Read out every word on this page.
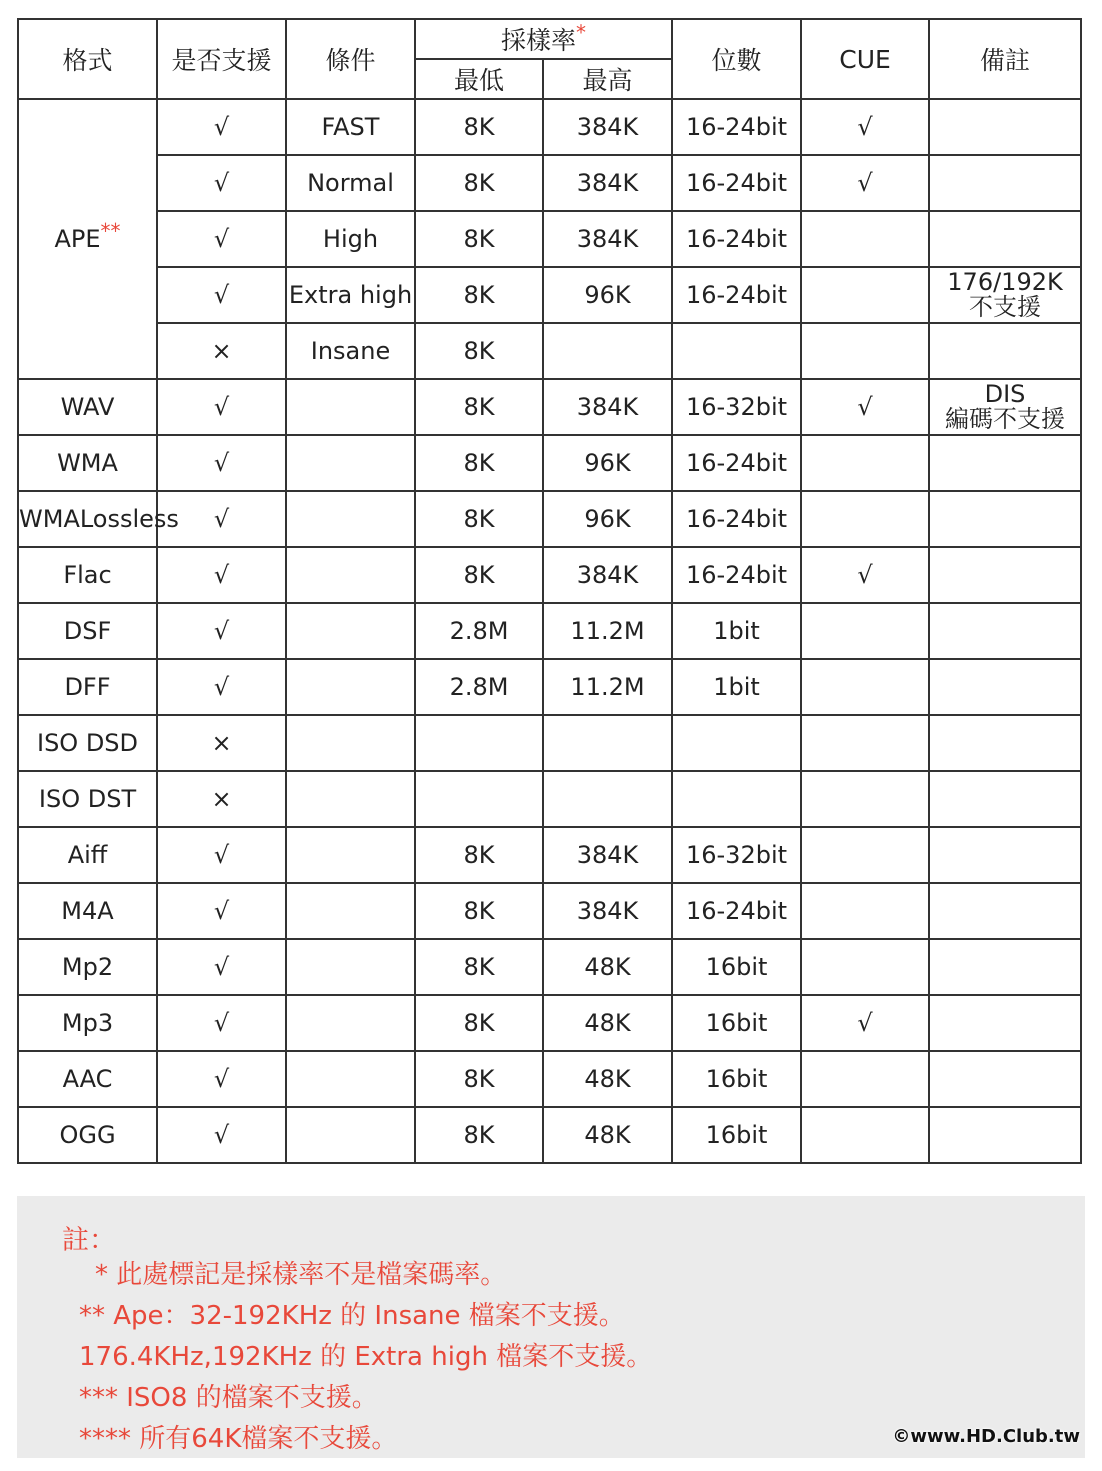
格式	是否支援	條件	採樣率*		位數	CUE	備註
			最低	最高			
APE**	√	FAST	8K	384K	16-24bit	√	
	√	Normal	8K	384K	16-24bit	√	
	√	High	8K	384K	16-24bit		
	√	Extra high	8K	96K	16-24bit		176/192K
不支援

	×	Insane	8K				
WAV	√		8K	384K	16-32bit	√	DIS
編碼不支援

WMA	√		8K	96K	16-24bit		

WMALossless	√		8K	96K	16-24bit		

Flac	√		8K	384K	16-24bit	√	

DSF	√		2.8M	11.2M	1bit		

DFF	√		2.8M	11.2M	1bit		

ISO DSD	×						

ISO DST	×						

Aiff	√		8K	384K	16-32bit		

M4A	√		8K	384K	16-24bit		

Mp2	√		8K	48K	16bit		

Mp3	√		8K	48K	16bit	√	

AAC	√		8K	48K	16bit		

OGG	√		8K	48K	16bit		
註：
* 此處標記是採樣率不是檔案碼率。
** Ape：32-192KHz 的 Insane 檔案不支援。
176.4KHz,192KHz 的 Extra high 檔案不支援。
*** ISO8 的檔案不支援。
**** 所有64K檔案不支援。	©www.HD.Club.tw
